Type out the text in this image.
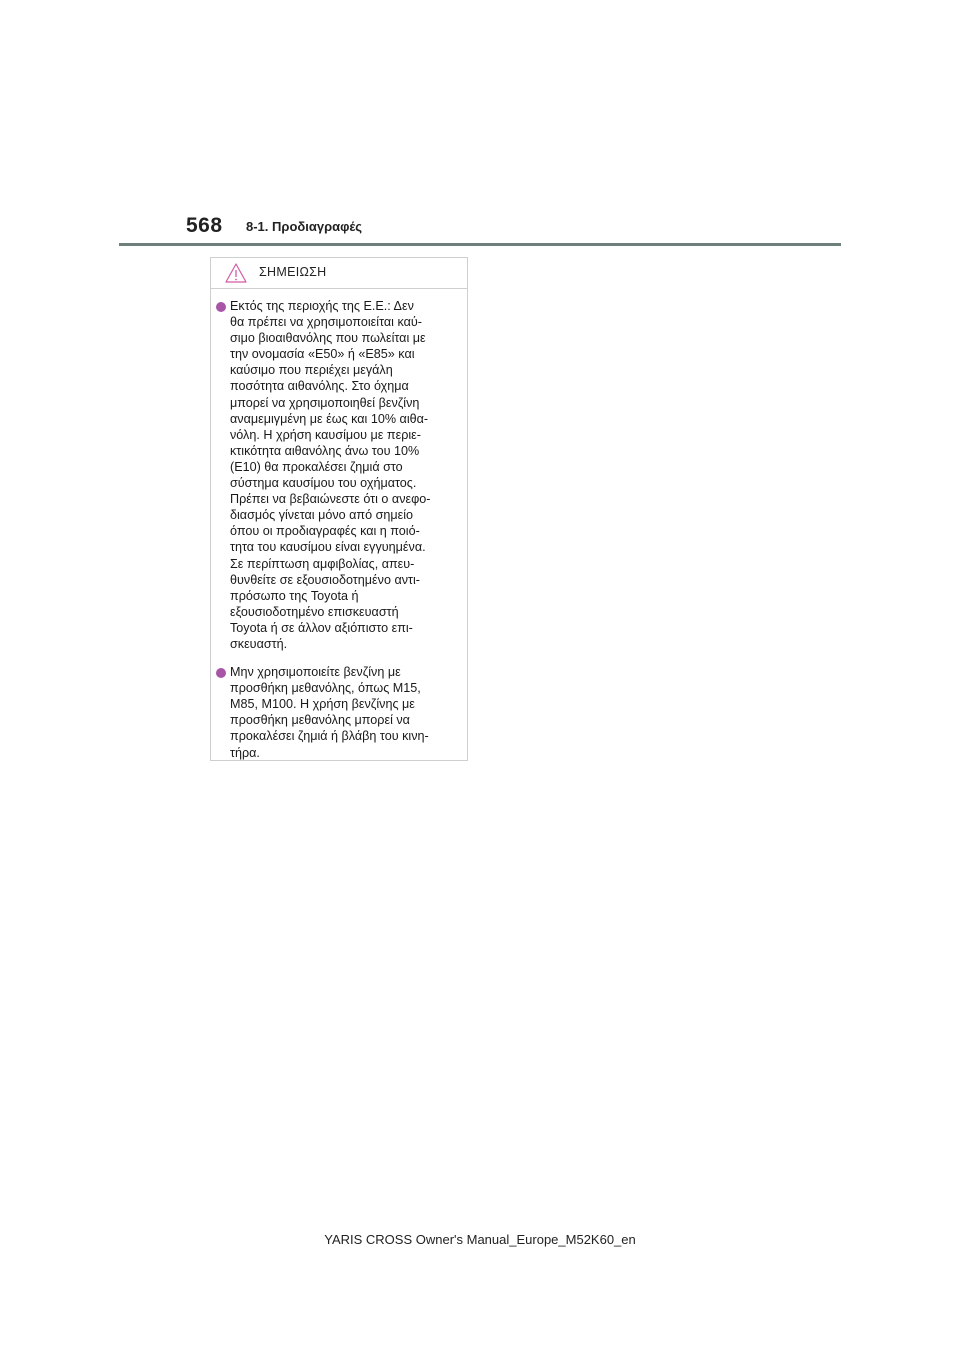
568 8-1. Προδιαγραφές
ΣΗΜΕΙΩΣΗ
Εκτός της περιοχής της Ε.Ε.: Δεν
θα πρέπει να χρησιμοποιείται καύ-
σιμο βιοαιθανόλης που πωλείται με
την ονομασία «E50» ή «E85» και
καύσιμο που περιέχει μεγάλη
ποσότητα αιθανόλης. Στο όχημα
μπορεί να χρησιμοποιηθεί βενζίνη
αναμεμιγμένη με έως και 10% αιθα-
νόλη. Η χρήση καυσίμου με περιε-
κτικότητα αιθανόλης άνω του 10%
(E10) θα προκαλέσει ζημιά στο
σύστημα καυσίμου του οχήματος.
Πρέπει να βεβαιώνεστε ότι ο ανεφο-
διασμός γίνεται μόνο από σημείο
όπου οι προδιαγραφές και η ποιό-
τητα του καυσίμου είναι εγγυημένα.
Σε περίπτωση αμφιβολίας, απευ-
θυνθείτε σε εξουσιοδοτημένο αντι-
πρόσωπο της Toyota ή
εξουσιοδοτημένο επισκευαστή
Toyota ή σε άλλον αξιόπιστο επι-
σκευαστή.
Μην χρησιμοποιείτε βενζίνη με
προσθήκη μεθανόλης, όπως M15,
M85, M100. Η χρήση βενζίνης με
προσθήκη μεθανόλης μπορεί να
προκαλέσει ζημιά ή βλάβη του κινη-
τήρα.
YARIS CROSS Owner's Manual_Europe_M52K60_en
